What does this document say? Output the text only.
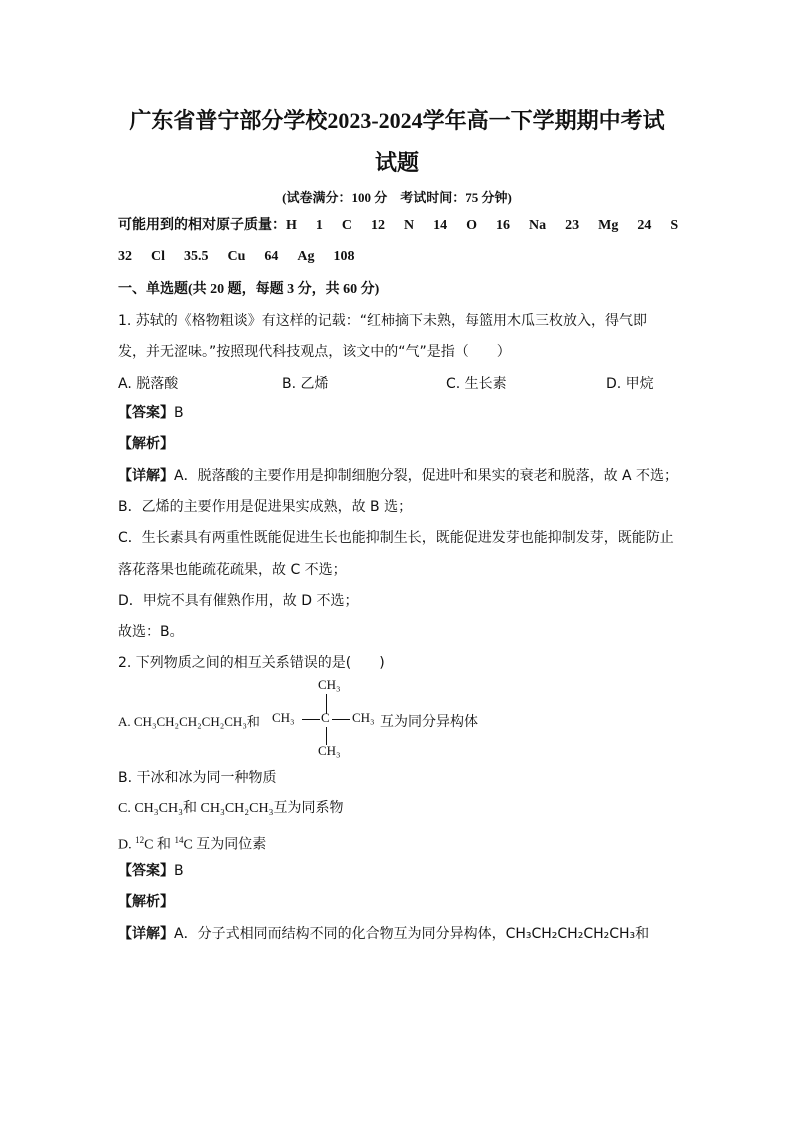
广东省普宁部分学校2023-2024学年高一下学期期中考试
试题
(试卷满分：100 分　考试时间：75 分钟)
可能用到的相对原子质量：H 1 C 12 N 14 O 16 Na 23 Mg 24 S
32 Cl 35.5 Cu 64 Ag 108
一、单选题(共 20 题，每题 3 分，共 60 分)
1. 苏轼的《格物粗谈》有这样的记载：“红柿摘下未熟，每篮用木瓜三枚放入，得气即
发，并无涩味。”按照现代科技观点，该文中的“气”是指（　　）
A. 脱落酸	B. 乙烯	C. 生长素	D. 甲烷
【答案】B
【解析】
【详解】A．脱落酸的主要作用是抑制细胞分裂，促进叶和果实的衰老和脱落，故 A 不选；
B．乙烯的主要作用是促进果实成熟，故 B 选；
C．生长素具有两重性既能促进生长也能抑制生长，既能促进发芽也能抑制发芽，既能防止
落花落果也能疏花疏果，故 C 不选；
D．甲烷不具有催熟作用，故 D 不选；
故选：B。
2. 下列物质之间的相互关系错误的是(　　)
A. CH₃CH₂CH₂CH₂CH₃和
CH₃
CH₃ C CH₃
CH₃
互为同分异构体
B. 干冰和冰为同一种物质
C. CH₃CH₃和 CH₃CH₂CH₃互为同系物
D. $^{12}$C 和 $^{14}$C 互为同位素
【答案】B
【解析】
【详解】A．分子式相同而结构不同的化合物互为同分异构体，CH₃CH₂CH₂CH₂CH₃和
